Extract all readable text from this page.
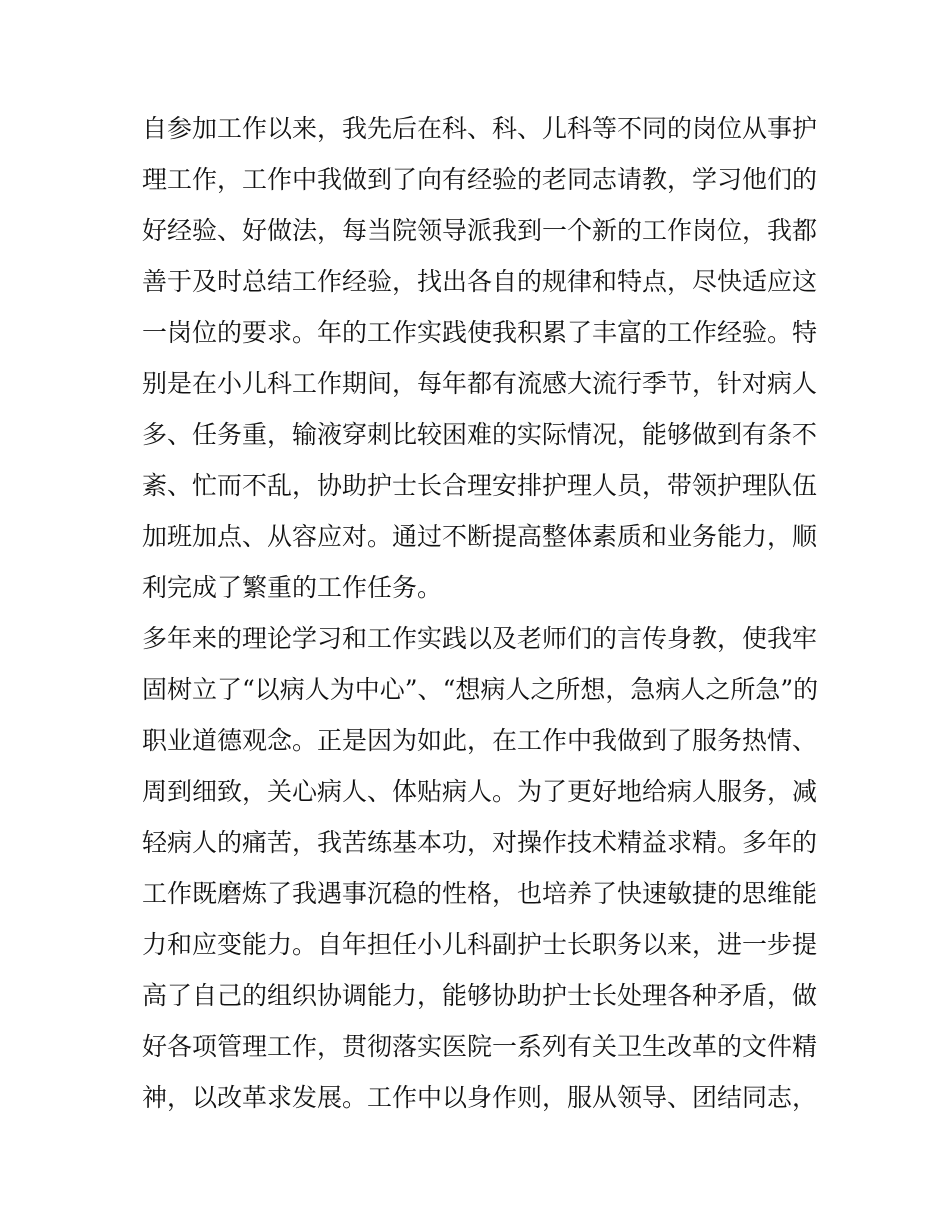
自参加工作以来，我先后在科、科、儿科等不同的岗位从事护
理工作，工作中我做到了向有经验的老同志请教，学习他们的
好经验、好做法，每当院领导派我到一个新的工作岗位，我都
善于及时总结工作经验，找出各自的规律和特点，尽快适应这
一岗位的要求。年的工作实践使我积累了丰富的工作经验。特
别是在小儿科工作期间，每年都有流感大流行季节，针对病人
多、任务重，输液穿刺比较困难的实际情况，能够做到有条不
紊、忙而不乱，协助护士长合理安排护理人员，带领护理队伍
加班加点、从容应对。通过不断提高整体素质和业务能力，顺
利完成了繁重的工作任务。
多年来的理论学习和工作实践以及老师们的言传身教，使我牢
固树立了“以病人为中心”、“想病人之所想，急病人之所急”的
职业道德观念。正是因为如此，在工作中我做到了服务热情、
周到细致，关心病人、体贴病人。为了更好地给病人服务，减
轻病人的痛苦，我苦练基本功，对操作技术精益求精。多年的
工作既磨炼了我遇事沉稳的性格，也培养了快速敏捷的思维能
力和应变能力。自年担任小儿科副护士长职务以来，进一步提
高了自己的组织协调能力，能够协助护士长处理各种矛盾，做
好各项管理工作，贯彻落实医院一系列有关卫生改革的文件精
神，以改革求发展。工作中以身作则，服从领导、团结同志，
